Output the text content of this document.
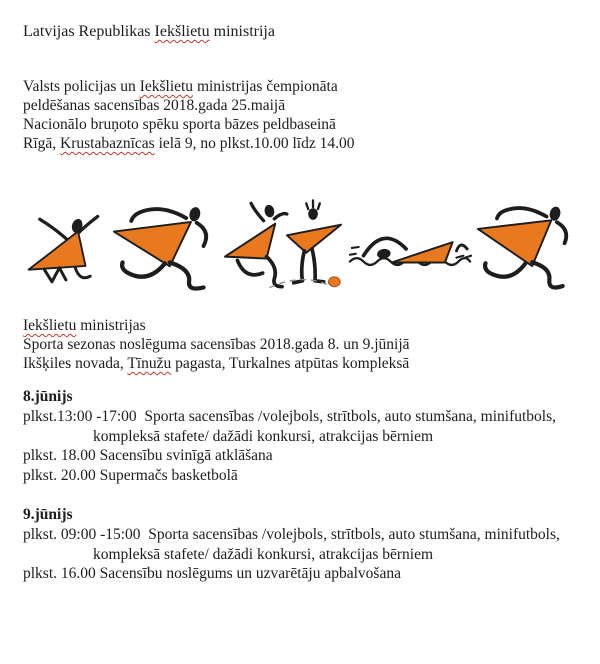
Latvijas Republikas Iekšlietu ministrija
Valsts policijas un Iekšlietu ministrijas čempionāta
peldēšanas sacensības 2018.gada 25.maijā
Nacionālo bruņoto spēku sporta bāzes peldbaseinā
Rīgā, Krustabaznīcas ielā 9, no plkst.10.00 līdz 14.00
Iekšlietu ministrijas
Sporta sezonas noslēguma sacensības 2018.gada 8. un 9.jūnijā
Ikšķiles novada, Tīnužu pagasta, Turkalnes atpūtas kompleksā
8.jūnijs
plkst.13:00 -17:00  Sporta sacensības /volejbols, strītbols, auto stumšana, minifutbols,
kompleksā stafete/ dažādi konkursi, atrakcijas bērniem
plkst. 18.00 Sacensību svinīgā atklāšana
plkst. 20.00 Supermačs basketbolā
9.jūnijs
plkst. 09:00 -15:00  Sporta sacensības /volejbols, strītbols, auto stumšana, minifutbols,
kompleksā stafete/ dažādi konkursi, atrakcijas bērniem
plkst. 16.00 Sacensību noslēgums un uzvarētāju apbalvošana
